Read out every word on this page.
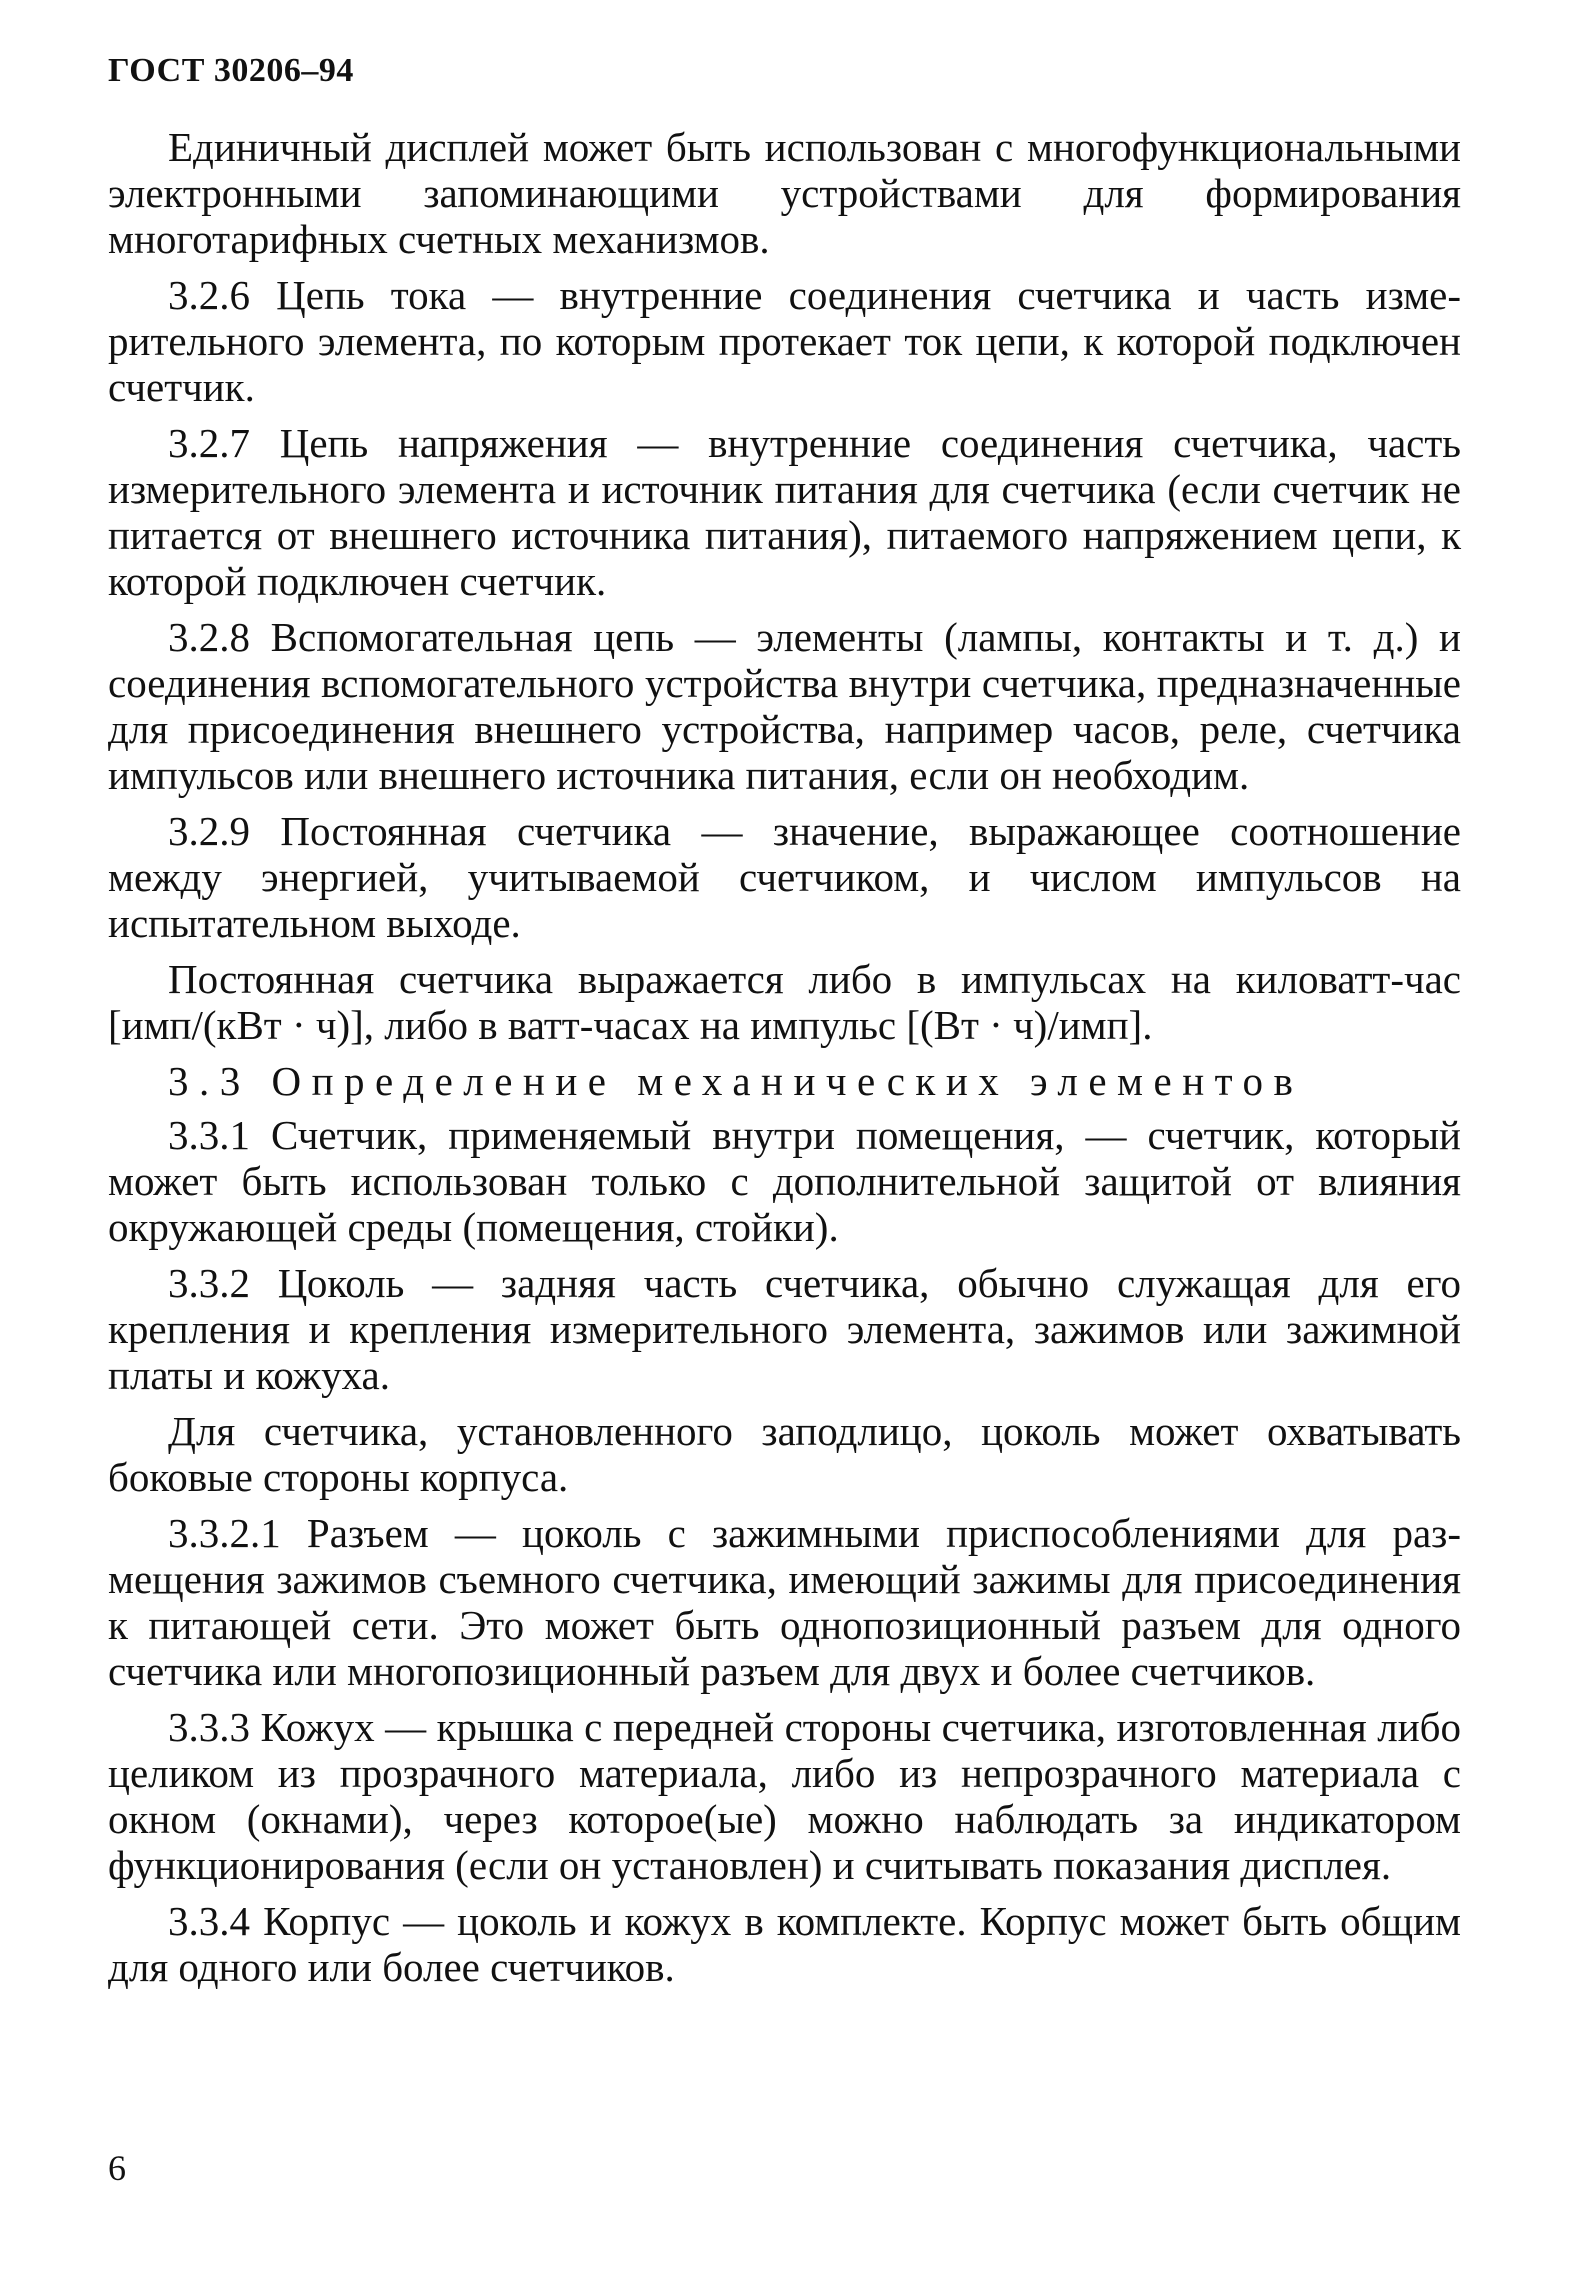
ГОСТ 30206–94

Единичный дисплей может быть использован с многофункциональными электронными запоминающими устройствами для формирования многотарифных счетных механизмов.

3.2.6 Цепь тока — внутренние соединения счетчика и часть измерительного элемента, по которым протекает ток цепи, к которой подключен счетчик.

3.2.7 Цепь напряжения — внутренние соединения счетчика, часть измерительного элемента и источник питания для счетчика (если счетчик не питается от внешнего источника питания), питаемого напряжением цепи, к которой подключен счетчик.

3.2.8 Вспомогательная цепь — элементы (лампы, контакты и т. д.) и соединения вспомогательного устройства внутри счетчика, предназначенные для присоединения внешнего устройства, например часов, реле, счетчика импульсов или внешнего источника питания, если он необходим.

3.2.9 Постоянная счетчика — значение, выражающее соотношение между энергией, учитываемой счетчиком, и числом импульсов на испытательном выходе.

Постоянная счетчика выражается либо в импульсах на киловатт-час [имп/(кВт · ч)], либо в ватт-часах на импульс [(Вт · ч)/имп].

3.3 Определение механических элементов

3.3.1 Счетчик, применяемый внутри помещения, — счетчик, который может быть использован только с дополнительной защитой от влияния окружающей среды (помещения, стойки).

3.3.2 Цоколь — задняя часть счетчика, обычно служащая для его крепления и крепления измерительного элемента, зажимов или зажимной платы и кожуха.

Для счетчика, установленного заподлицо, цоколь может охватывать боковые стороны корпуса.

3.3.2.1 Разъем — цоколь с зажимными приспособлениями для размещения зажимов съемного счетчика, имеющий зажимы для присоединения к питающей сети. Это может быть однопозиционный разъем для одного счетчика или многопозиционный разъем для двух и более счетчиков.

3.3.3 Кожух — крышка с передней стороны счетчика, изготовленная либо целиком из прозрачного материала, либо из непрозрачного материала с окном (окнами), через которое(ые) можно наблюдать за индикатором функционирования (если он установлен) и считывать показания дисплея.

3.3.4 Корпус — цоколь и кожух в комплекте. Корпус может быть общим для одного или более счетчиков.

6
